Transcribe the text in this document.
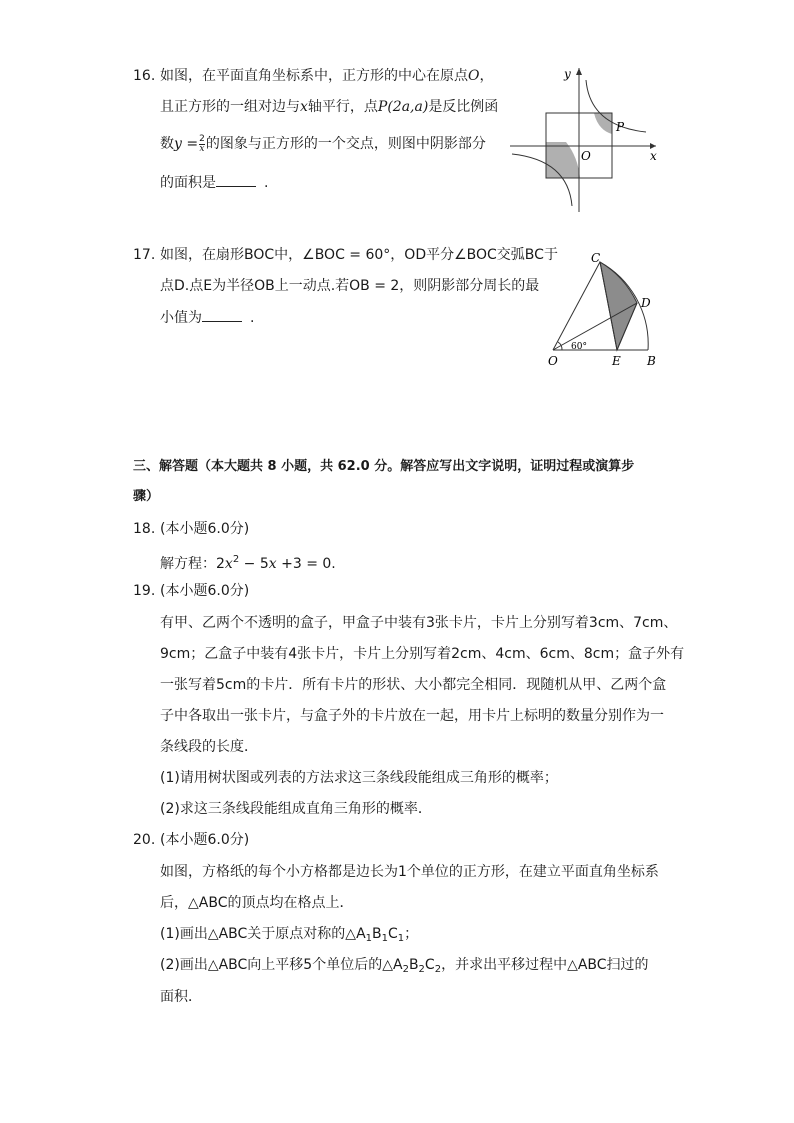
16. 如图，在平面直角坐标系中，正方形的中心在原点O，
且正方形的一组对边与x轴平行，点P(2a,a)是反比例函
数$y = \frac{2}{x}$ 的图象与正方形的一个交点，则图中阴影部分
的面积是	.
y
x
O
P
17. 如图，在扇形BOC中，∠BOC = 60°，OD平分∠BOC交弧BC于
点D.点E为半径OB上一动点.若OB = 2，则阴影部分周长的最
小值为	.
C
D
O	E B
60°
三、解答题（本大题共 8 小题，共 62.0 分。解答应写出文字说明，证明过程或演算步
骤）
18. (本小题6.0分)
解方程：$2x^2 - 5x +3 = 0$.
19. (本小题6.0分)
有甲、乙两个不透明的盒子，甲盒子中装有3张卡片，卡片上分别写着3cm、7cm、
9cm；乙盒子中装有4张卡片，卡片上分别写着2cm、4cm、6cm、8cm；盒子外有
一张写着5cm的卡片．所有卡片的形状、大小都完全相同．现随机从甲、乙两个盒
子中各取出一张卡片，与盒子外的卡片放在一起，用卡片上标明的数量分别作为一
条线段的长度．
(1)请用树状图或列表的方法求这三条线段能组成三角形的概率；
(2)求这三条线段能组成直角三角形的概率．
20. (本小题6.0分)
如图，方格纸的每个小方格都是边长为1个单位的正方形，在建立平面直角坐标系
后，△ABC的顶点均在格点上．
(1)画出△ABC关于原点对称的$\triangle A_1B_1C_1$；
(2)画出△ABC向上平移5个单位后的$\triangle A_2B_2C_2$，并求出平移过程中△ABC扫过的
面积．
